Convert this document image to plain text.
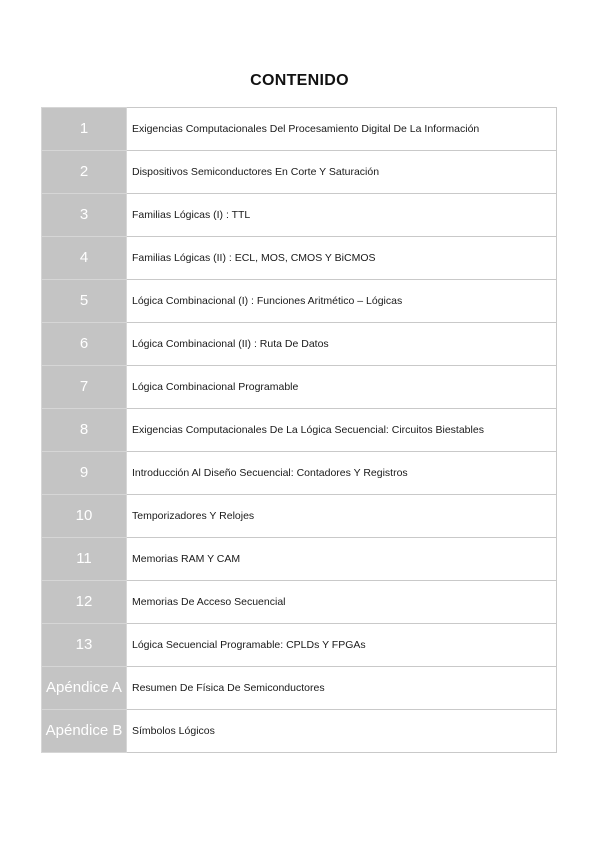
CONTENIDO
1	Exigencias Computacionales Del Procesamiento Digital De La Información
2	Dispositivos Semiconductores En Corte Y Saturación
3	Familias Lógicas (I) : TTL
4	Familias Lógicas (II) : ECL, MOS, CMOS Y BiCMOS
5	Lógica Combinacional (I) : Funciones Aritmético – Lógicas
6	Lógica Combinacional (II) : Ruta De Datos
7	Lógica Combinacional Programable
8	Exigencias Computacionales De La Lógica Secuencial: Circuitos Biestables
9	Introducción Al Diseño Secuencial: Contadores Y Registros
10	Temporizadores Y Relojes
11	Memorias RAM Y CAM
12	Memorias De Acceso Secuencial
13	Lógica Secuencial Programable: CPLDs Y FPGAs
Apéndice A	Resumen De Física De Semiconductores
Apéndice B	Símbolos Lógicos
